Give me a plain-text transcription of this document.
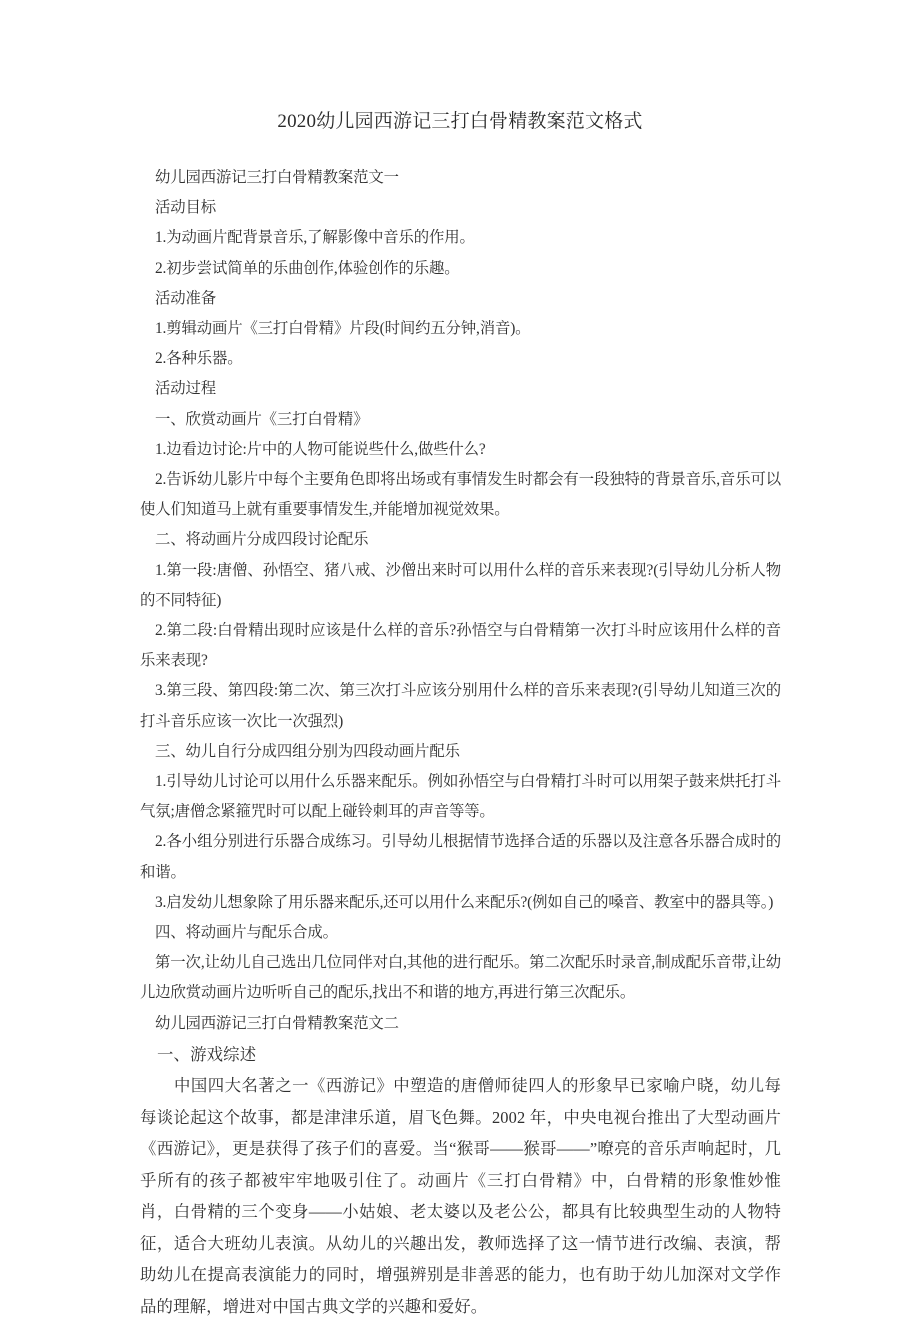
2020幼儿园西游记三打白骨精教案范文格式

幼儿园西游记三打白骨精教案范文一

活动目标

1.为动画片配背景音乐,了解影像中音乐的作用。

2.初步尝试简单的乐曲创作,体验创作的乐趣。

活动准备

1.剪辑动画片《三打白骨精》片段(时间约五分钟,消音)。

2.各种乐器。

活动过程

一、欣赏动画片《三打白骨精》

1.边看边讨论:片中的人物可能说些什么,做些什么?

2.告诉幼儿影片中每个主要角色即将出场或有事情发生时都会有一段独特的背景音乐,音乐可以使人们知道马上就有重要事情发生,并能增加视觉效果。

二、将动画片分成四段讨论配乐

1.第一段:唐僧、孙悟空、猪八戒、沙僧出来时可以用什么样的音乐来表现?(引导幼儿分析人物的不同特征)

2.第二段:白骨精出现时应该是什么样的音乐?孙悟空与白骨精第一次打斗时应该用什么样的音乐来表现?

3.第三段、第四段:第二次、第三次打斗应该分别用什么样的音乐来表现?(引导幼儿知道三次的打斗音乐应该一次比一次强烈)

三、幼儿自行分成四组分别为四段动画片配乐

1.引导幼儿讨论可以用什么乐器来配乐。例如孙悟空与白骨精打斗时可以用架子鼓来烘托打斗气氛;唐僧念紧箍咒时可以配上碰铃刺耳的声音等等。

2.各小组分别进行乐器合成练习。引导幼儿根据情节选择合适的乐器以及注意各乐器合成时的和谐。

3.启发幼儿想象除了用乐器来配乐,还可以用什么来配乐?(例如自己的嗓音、教室中的器具等。)

四、将动画片与配乐合成。

第一次,让幼儿自己选出几位同伴对白,其他的进行配乐。第二次配乐时录音,制成配乐音带,让幼儿边欣赏动画片边听听自己的配乐,找出不和谐的地方,再进行第三次配乐。

幼儿园西游记三打白骨精教案范文二

一、游戏综述

中国四大名著之一《西游记》中塑造的唐僧师徒四人的形象早已家喻户晓，幼儿每每谈论起这个故事，都是津津乐道，眉飞色舞。2002 年，中央电视台推出了大型动画片《西游记》，更是获得了孩子们的喜爱。当“猴哥——猴哥——”嘹亮的音乐声响起时，几乎所有的孩子都被牢牢地吸引住了。动画片《三打白骨精》中，白骨精的形象惟妙惟肖，白骨精的三个变身——小姑娘、老太婆以及老公公，都具有比较典型生动的人物特征，适合大班幼儿表演。从幼儿的兴趣出发，教师选择了这一情节进行改编、表演，帮助幼儿在提高表演能力的同时，增强辨别是非善恶的能力，也有助于幼儿加深对文学作品的理解，增进对中国古典文学的兴趣和爱好。
